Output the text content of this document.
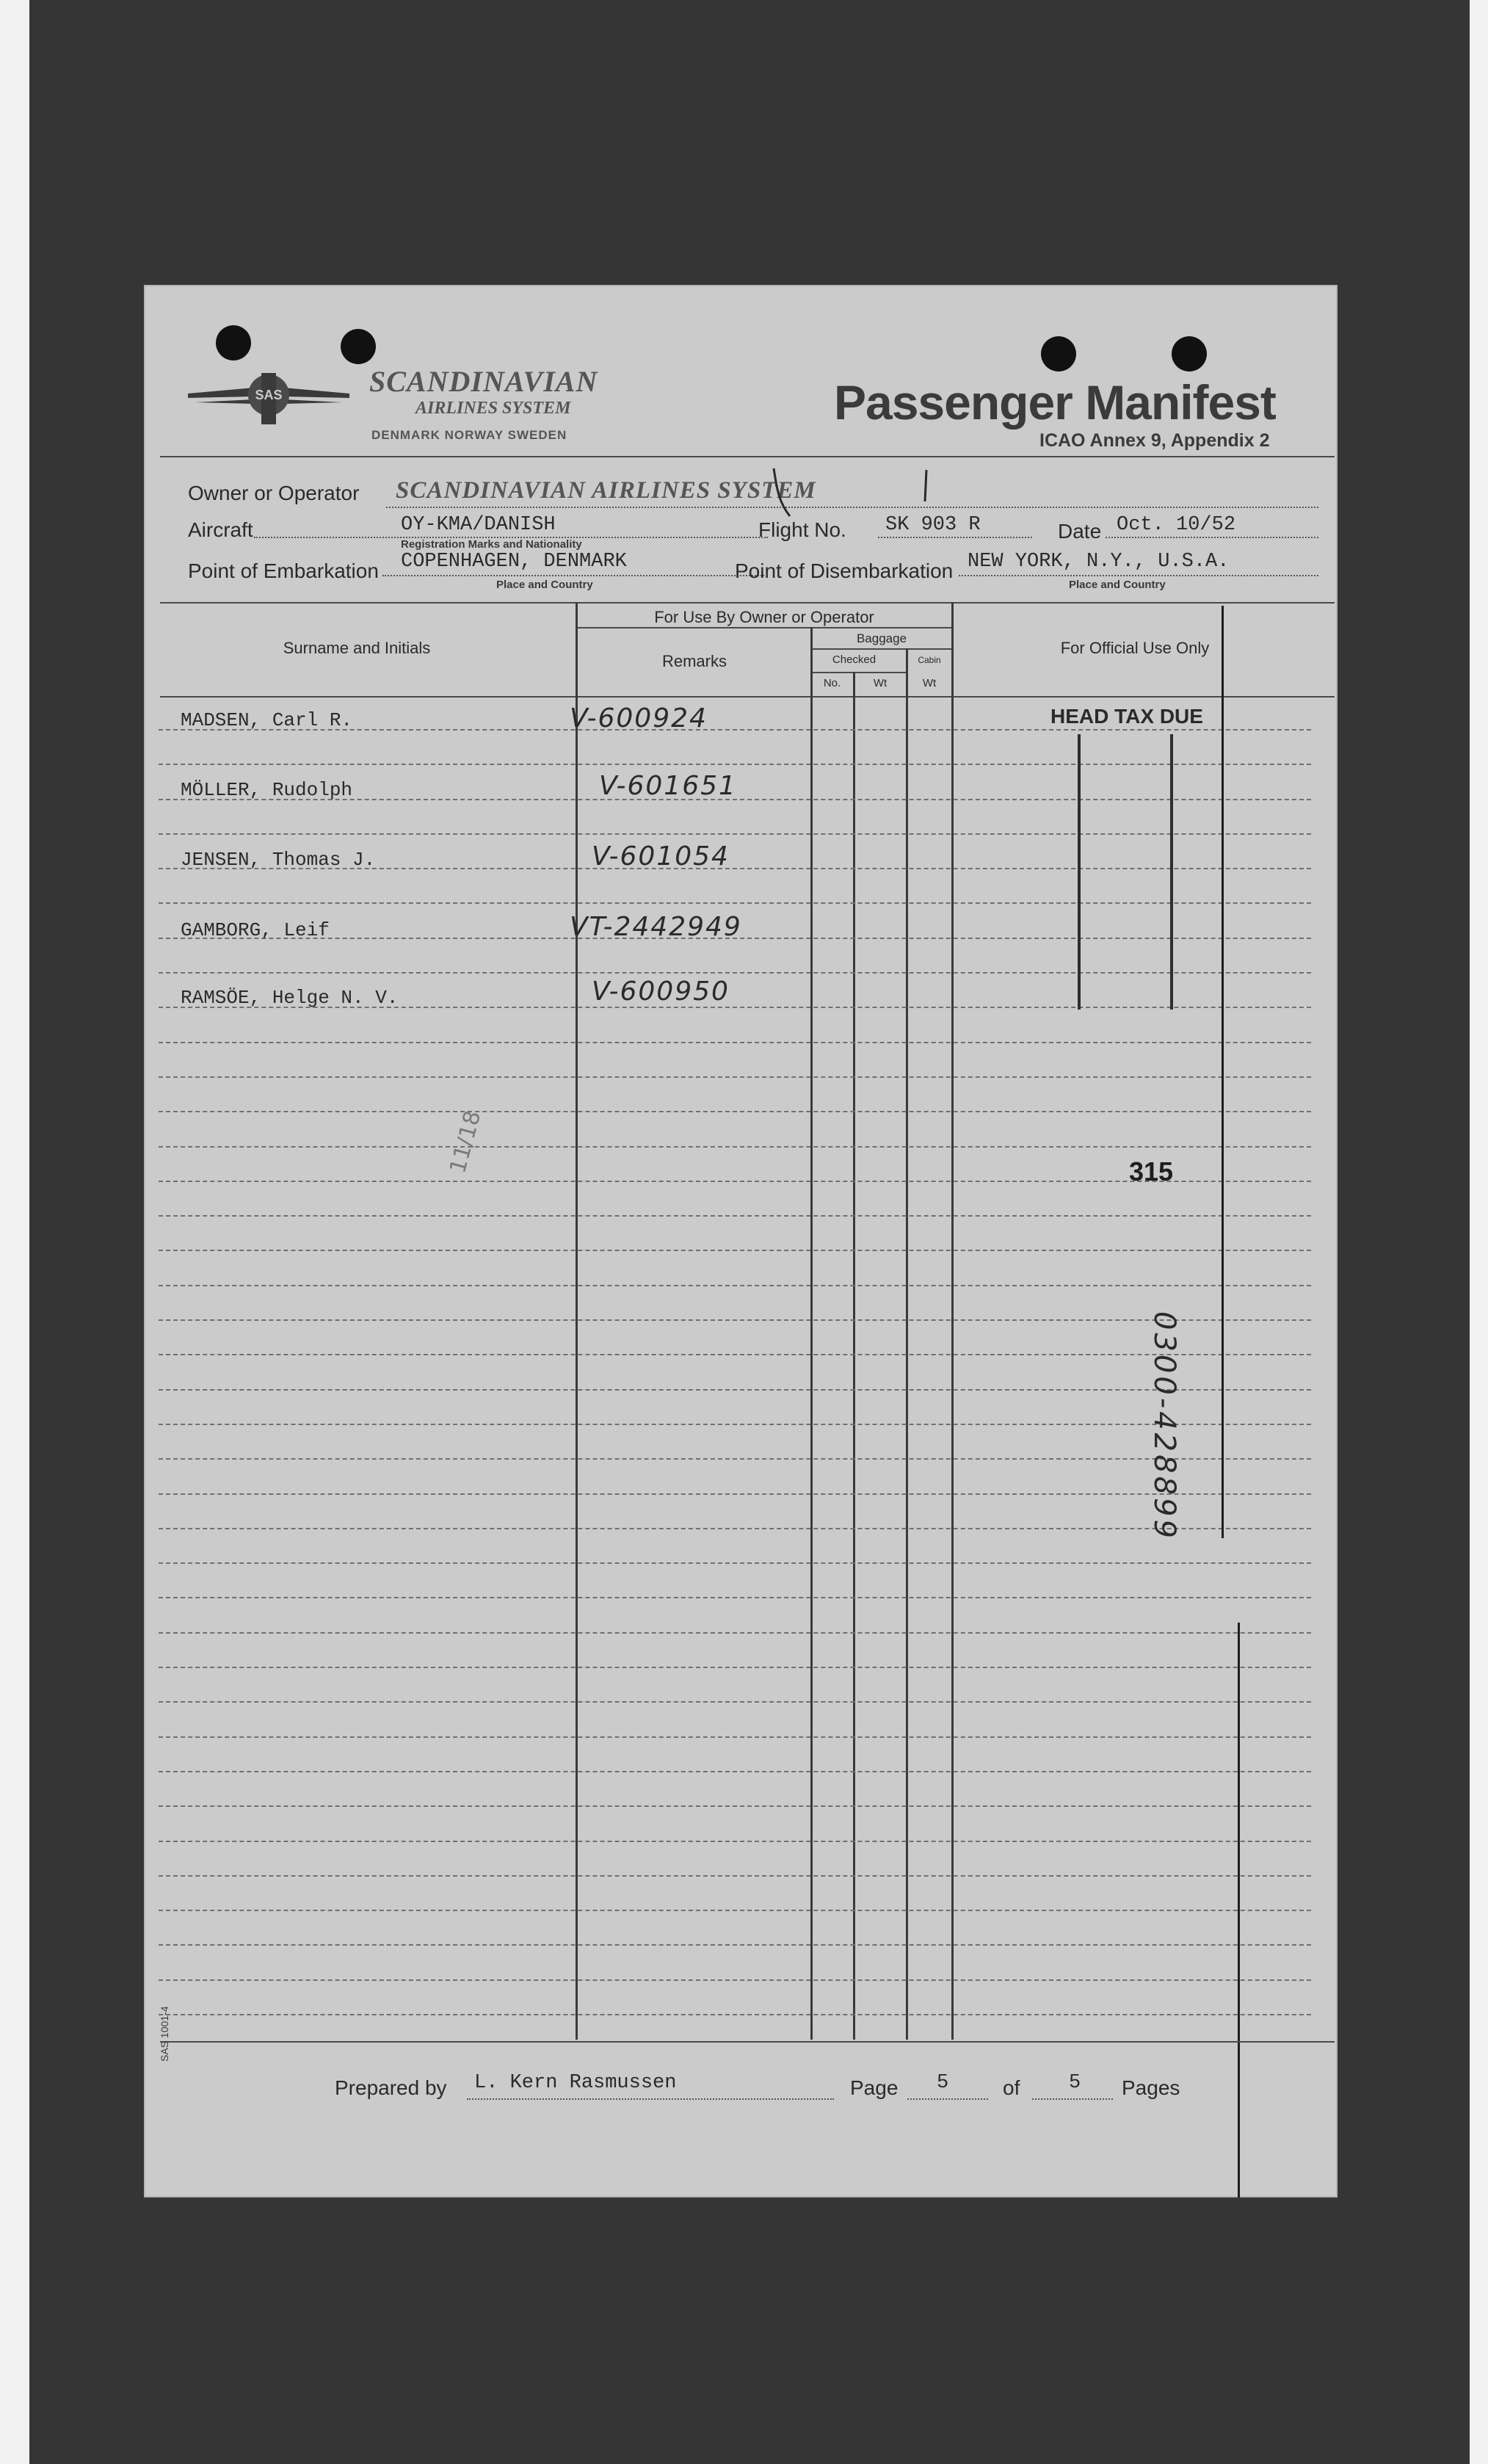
SAS	SCANDINAVIAN
AIRLINES SYSTEM
DENMARK NORWAY SWEDEN
Passenger Manifest
ICAO Annex 9, Appendix 2
Owner or Operator SCANDINAVIAN AIRLINES SYSTEM
Aircraft	OY-KMA/DANISH
Registration Marks and Nationality
Flight No. SK 903 R	Date Oct. 10/52
Point of Embarkation COPENHAGEN, DENMARK
Place and Country
Point of Disembarkation NEW YORK, N.Y., U.S.A.
Place and Country
Surname and Initials
For Use By Owner or Operator
Remarks
Baggage
Checked	Cabin
No.	Wt	Wt
For Official Use Only
MADSEN, Carl R.	V-600924
MÖLLER, Rudolph	V-601651
JENSEN, Thomas J.	V-601054
GAMBORG, Leif	VT-2442949
RAMSÖE, Helge N. V.	V-600950
HEAD TAX DUE
315
0300-428899
11/18
Prepared by L. Kern Rasmussen	Page 5	of 5 Pages
SAS 1001-4
